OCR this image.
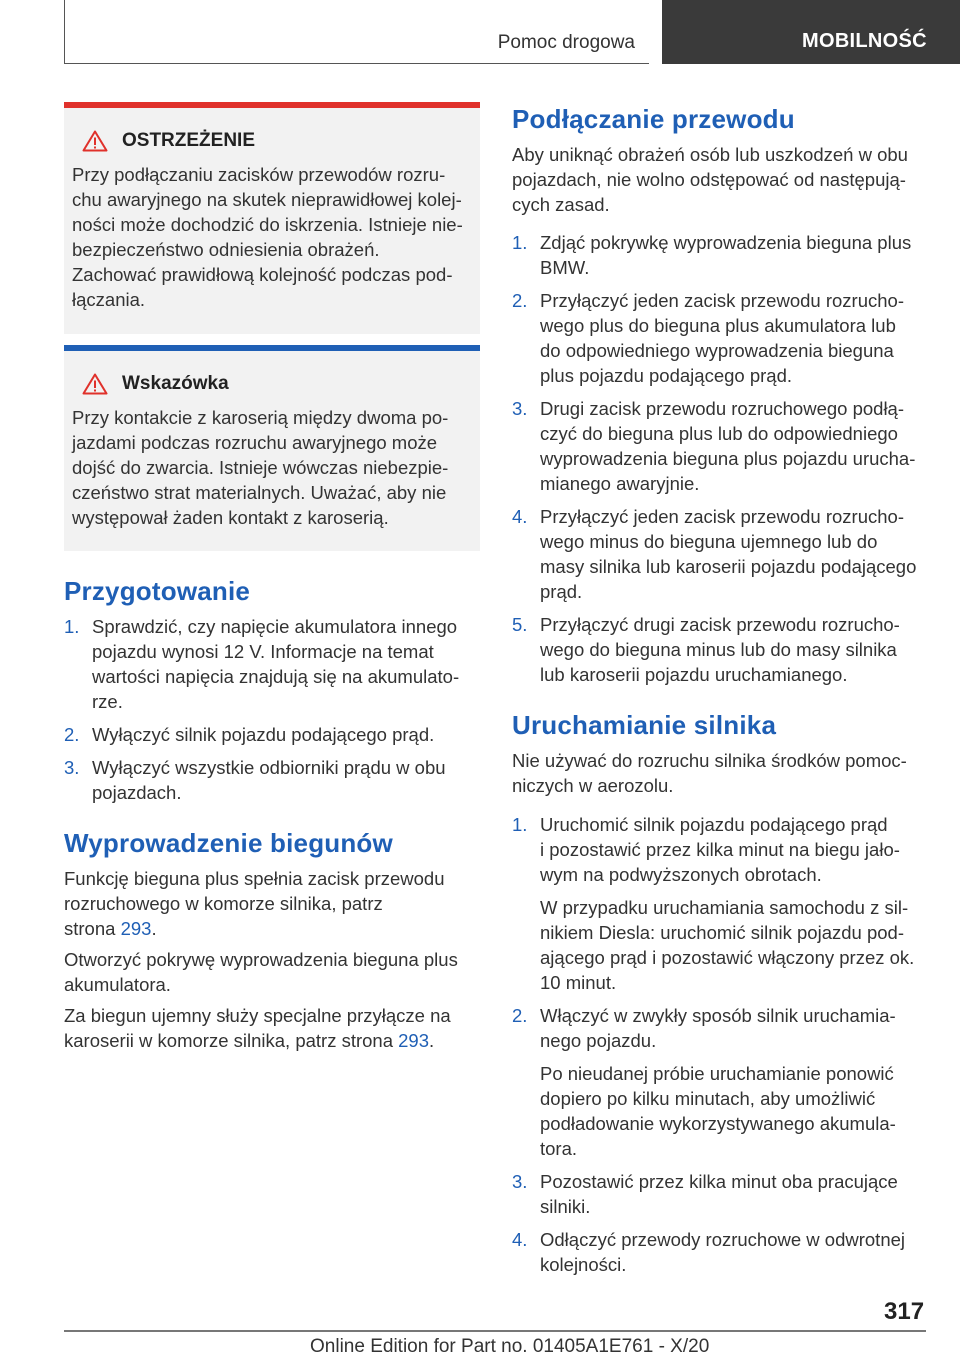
Pomoc drogowa	MOBILNOŚĆ
OSTRZEŻENIE

Przy podłączaniu zacisków przewodów rozru‐

chu awaryjnego na skutek nieprawidłowej kolej‐

ności może dochodzić do iskrzenia. Istnieje nie‐

bezpieczeństwo odniesienia obrażeń.

Zachować prawidłową kolejność podczas pod‐

łączania.

Wskazówka

Przy kontakcie z karoserią między dwoma po‐

jazdami podczas rozruchu awaryjnego może

dojść do zwarcia. Istnieje wówczas niebezpie‐

czeństwo strat materialnych. Uważać, aby nie

występował żaden kontakt z karoserią.

Przygotowanie
1. Sprawdzić, czy napięcie akumulatora innego
pojazdu wynosi 12 V. Informacje na temat
wartości napięcia znajdują się na akumulato‐
rze.
2. Wyłączyć silnik pojazdu podającego prąd.
3. Wyłączyć wszystkie odbiorniki prądu w obu
pojazdach.
Wyprowadzenie biegunów

Funkcję bieguna plus spełnia zacisk przewodu
rozruchowego w komorze silnika, patrz
strona 293.

Otworzyć pokrywę wyprowadzenia bieguna plus
akumulatora.

Za biegun ujemny służy specjalne przyłącze na
karoserii w komorze silnika, patrz strona 293.

Podłączanie przewodu
Aby uniknąć obrażeń osób lub uszkodzeń w obu
pojazdach, nie wolno odstępować od następują‐
cych zasad.
1. Zdjąć pokrywkę wyprowadzenia bieguna plus
BMW.
2. Przyłączyć jeden zacisk przewodu rozrucho‐
wego plus do bieguna plus akumulatora lub
do odpowiedniego wyprowadzenia bieguna
plus pojazdu podającego prąd.
3. Drugi zacisk przewodu rozruchowego podłą‐
czyć do bieguna plus lub do odpowiedniego
wyprowadzenia bieguna plus pojazdu urucha‐
mianego awaryjnie.
4. Przyłączyć jeden zacisk przewodu rozrucho‐
wego minus do bieguna ujemnego lub do
masy silnika lub karoserii pojazdu podającego
prąd.
5. Przyłączyć drugi zacisk przewodu rozrucho‐
wego do bieguna minus lub do masy silnika
lub karoserii pojazdu uruchamianego.
Uruchamianie silnika
Nie używać do rozruchu silnika środków pomoc‐
niczych w aerozolu.
1. Uruchomić silnik pojazdu podającego prąd
i pozostawić przez kilka minut na biegu jało‐
wym na podwyższonych obrotach.
W przypadku uruchamiania samochodu z sil‐
nikiem Diesla: uruchomić silnik pojazdu pod‐
ającego prąd i pozostawić włączony przez ok.
10 minut.
2. Włączyć w zwykły sposób silnik uruchamia‐
nego pojazdu.
Po nieudanej próbie uruchamianie ponowić
dopiero po kilku minutach, aby umożliwić
podładowanie wykorzystywanego akumula‐
tora.
3. Pozostawić przez kilka minut oba pracujące
silniki.
4. Odłączyć przewody rozruchowe w odwrotnej
kolejności.
317
Online Edition for Part no. 01405A1E761 - X/20
